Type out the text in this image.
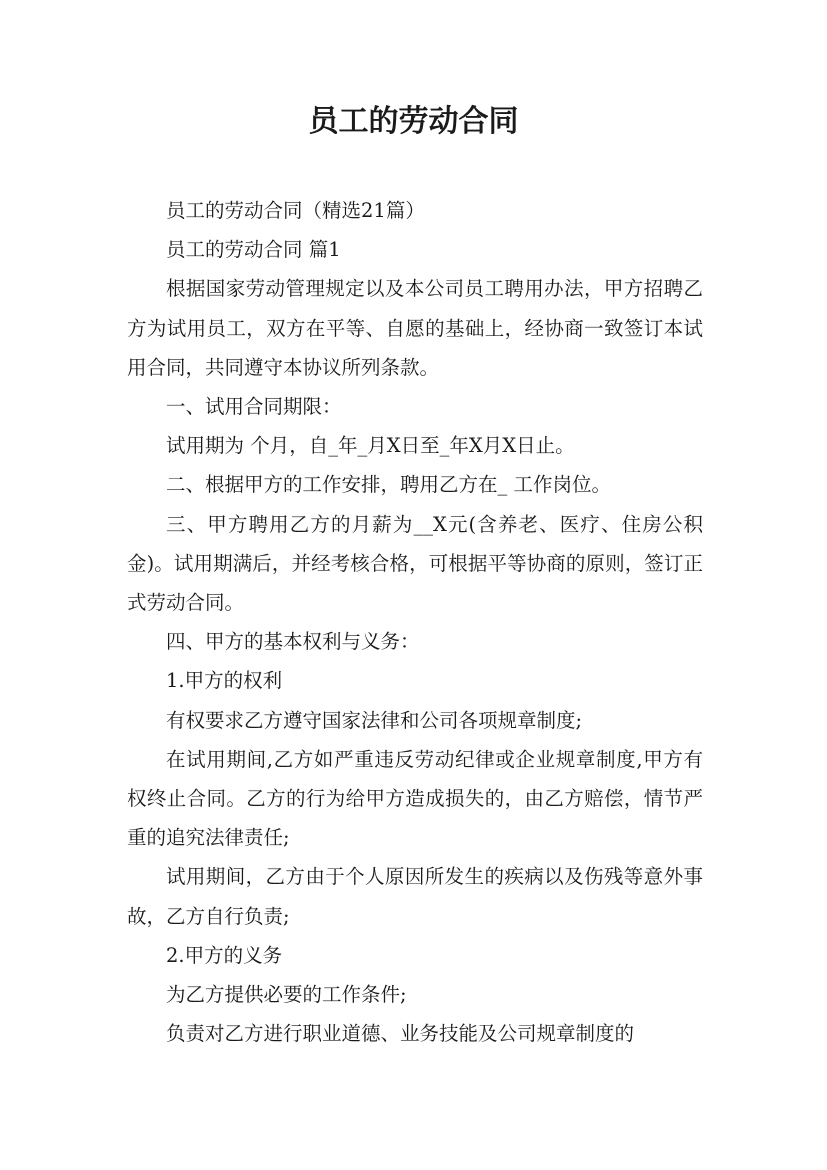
员工的劳动合同

员工的劳动合同（精选21篇）

员工的劳动合同 篇1

根据国家劳动管理规定以及本公司员工聘用办法，甲方招聘乙方为试用员工，双方在平等、自愿的基础上，经协商一致签订本试用合同，共同遵守本协议所列条款。

一、试用合同期限：

试用期为 个月，自_年_月X日至_年X月X日止。

二、根据甲方的工作安排，聘用乙方在_ 工作岗位。

三、甲方聘用乙方的月薪为__X元(含养老、医疗、住房公积金)。试用期满后，并经考核合格，可根据平等协商的原则，签订正式劳动合同。

四、甲方的基本权利与义务：

1.甲方的权利

有权要求乙方遵守国家法律和公司各项规章制度;

在试用期间,乙方如严重违反劳动纪律或企业规章制度,甲方有权终止合同。乙方的行为给甲方造成损失的，由乙方赔偿，情节严重的追究法律责任;

试用期间，乙方由于个人原因所发生的疾病以及伤残等意外事故，乙方自行负责;

2.甲方的义务

为乙方提供必要的工作条件;

负责对乙方进行职业道德、业务技能及公司规章制度的
